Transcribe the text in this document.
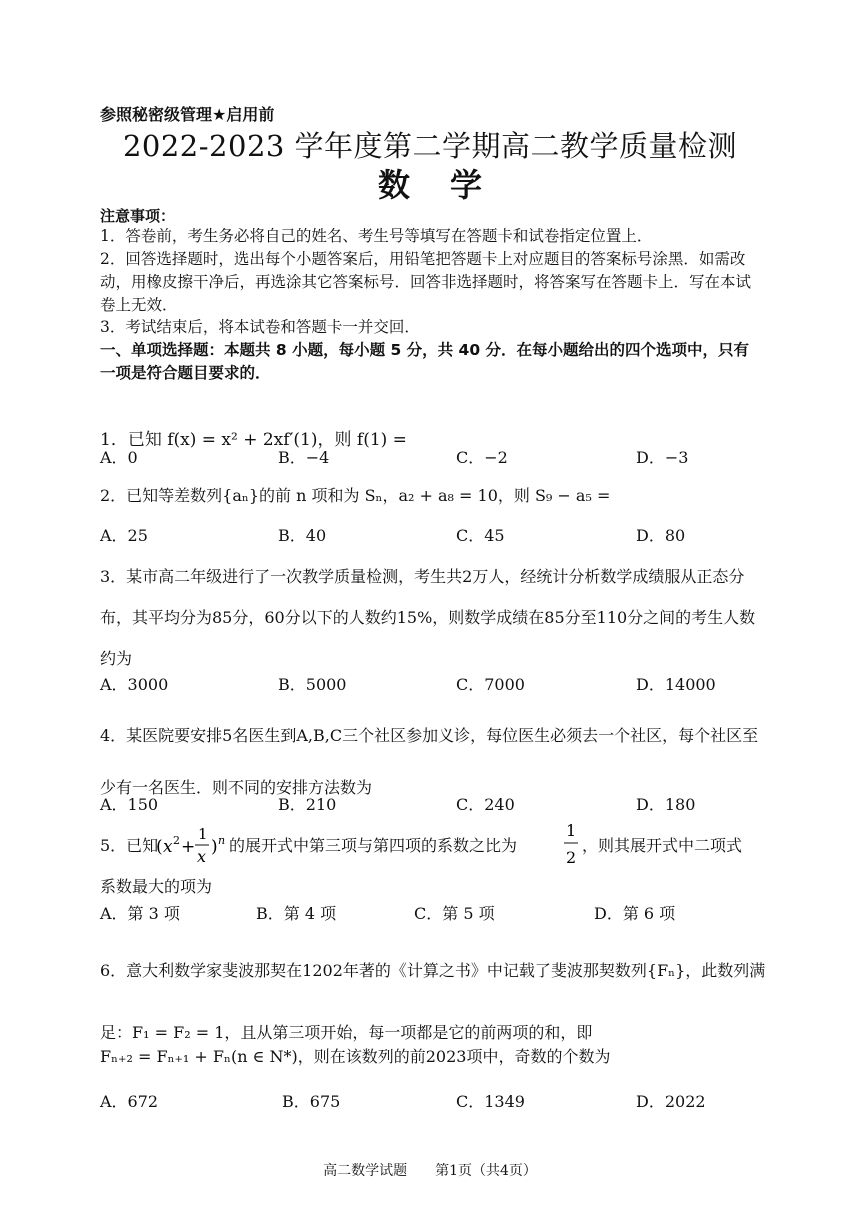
参照秘密级管理★启用前
2022-2023 学年度第二学期高二教学质量检测
数学
注意事项：
1．答卷前，考生务必将自己的姓名、考生号等填写在答题卡和试卷指定位置上．
2．回答选择题时，选出每个小题答案后，用铅笔把答题卡上对应题目的答案标号涂黑．如需改动，用橡皮擦干净后，再选涂其它答案标号．回答非选择题时，将答案写在答题卡上．写在本试卷上无效．
3．考试结束后，将本试卷和答题卡一并交回．
一、单项选择题：本题共 8 小题，每小题 5 分，共 40 分．在每小题给出的四个选项中，只有一项是符合题目要求的．
1．已知 f(x) = x² + 2xf′(1)，则 f(1) =
A．0	B．−4	C．−2	D．−3
2．已知等差数列{aₙ}的前 n 项和为 Sₙ，a₂ + a₈ = 10，则 S₉ − a₅ =
A．25	B．40	C．45	D．80
3．某市高二年级进行了一次教学质量检测，考生共2万人，经统计分析数学成绩服从正态分布，其平均分为85分，60分以下的人数约15%，则数学成绩在85分至110分之间的考生人数约为
A．3000	B．5000	C．7000	D．14000
4．某医院要安排5名医生到A,B,C三个社区参加义诊，每位医生必须去一个社区，每个社区至少有一名医生．则不同的安排方法数为
A．150	B．210	C．240	D．180
5．已知
( x 2 +
1
x ) n 的展开式中第三项与第四项的系数之比为
1
2
，则其展开式中二项式
系数最大的项为
A．第 3 项	B．第 4 项	C．第 5 项	D．第 6 项
6．意大利数学家斐波那契在1202年著的《计算之书》中记载了斐波那契数列{Fₙ}，此数列满足：F₁ = F₂ = 1，且从第三项开始，每一项都是它的前两项的和，即
Fₙ₊₂ = Fₙ₊₁ + Fₙ(n ∈ N*)，则在该数列的前2023项中，奇数的个数为
A．672	B．675	C．1349	D．2022
高二数学试题　　第1页（共4页）
